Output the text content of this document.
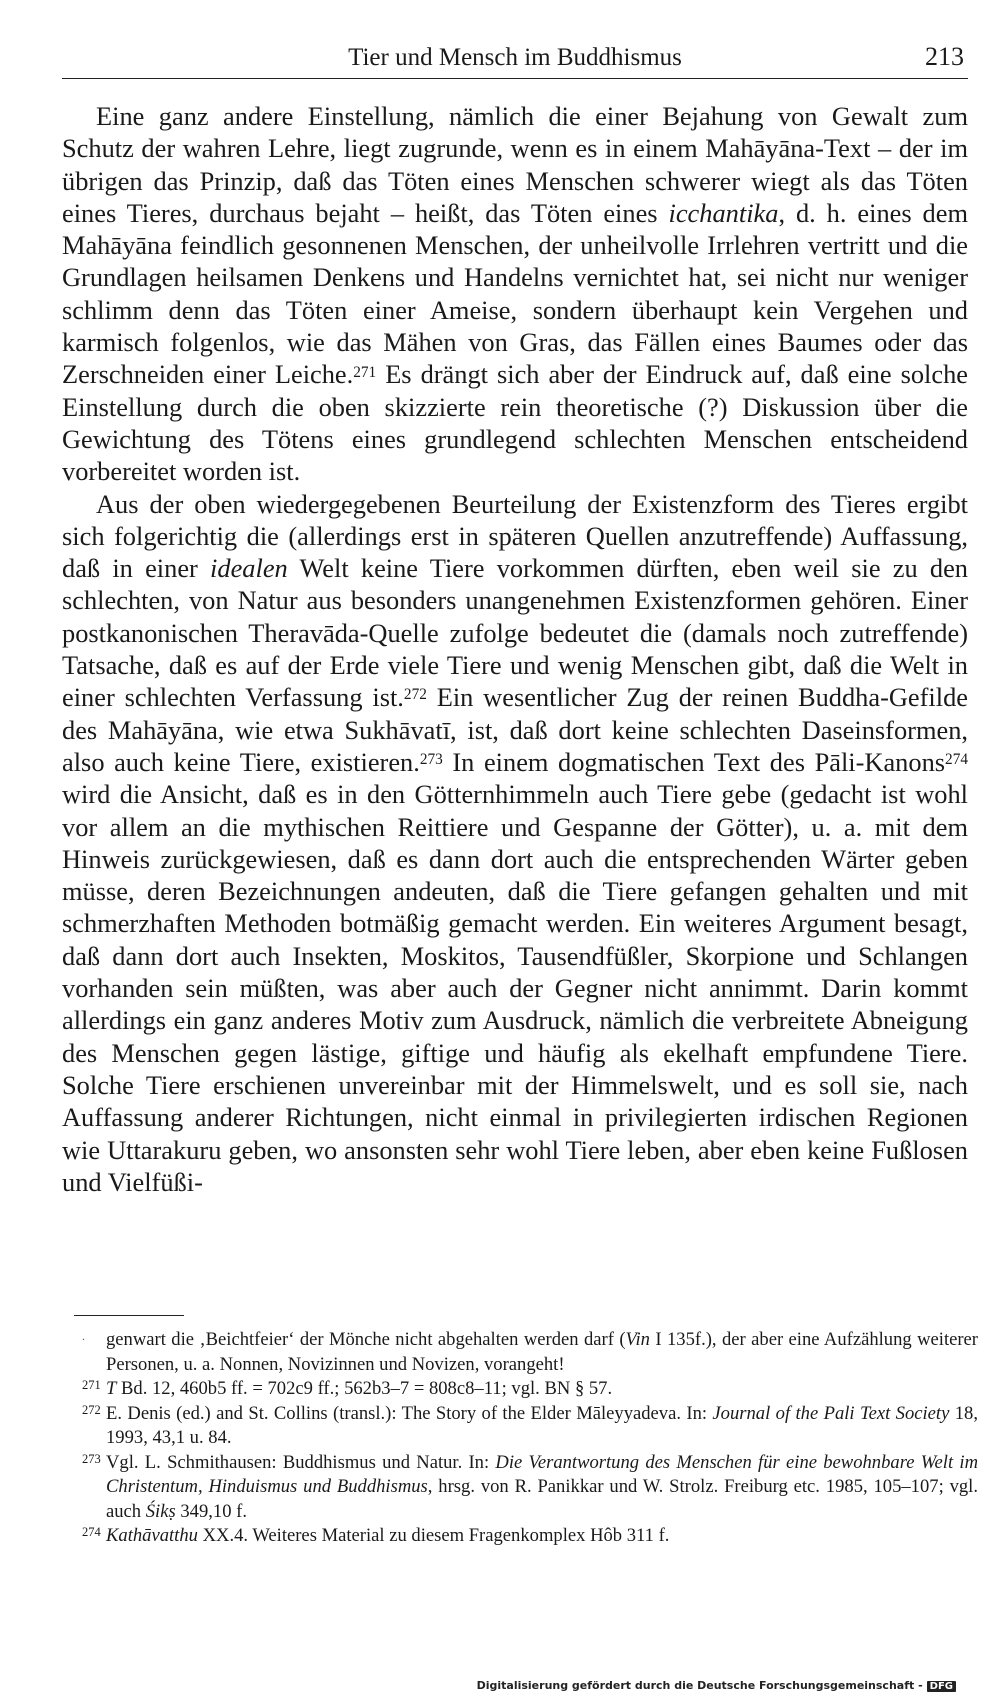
Tier und Mensch im Buddhismus	213

Eine ganz andere Einstellung, nämlich die einer Bejahung von Gewalt zum Schutz der wahren Lehre, liegt zugrunde, wenn es in einem Mahāyāna-Text – der im übrigen das Prinzip, daß das Töten eines Menschen schwerer wiegt als das Töten eines Tieres, durchaus bejaht – heißt, das Töten eines icchantika, d. h. eines dem Mahāyāna feindlich gesonnenen Menschen, der unheilvolle Irrlehren vertritt und die Grundlagen heilsamen Denkens und Handelns vernichtet hat, sei nicht nur weniger schlimm denn das Töten einer Ameise, sondern überhaupt kein Vergehen und karmisch folgenlos, wie das Mähen von Gras, das Fällen eines Baumes oder das Zerschneiden einer Leiche.$^{271}$ Es drängt sich aber der Eindruck auf, daß eine solche Einstellung durch die oben skizzierte rein theoretische (?) Diskussion über die Gewichtung des Tötens eines grundlegend schlechten Menschen entscheidend vorbereitet worden ist.

Aus der oben wiedergegebenen Beurteilung der Existenzform des Tieres ergibt sich folgerichtig die (allerdings erst in späteren Quellen anzutreffende) Auffassung, daß in einer idealen Welt keine Tiere vorkommen dürften, eben weil sie zu den schlechten, von Natur aus besonders unangenehmen Existenzformen gehören. Einer postkanonischen Theravāda-Quelle zufolge bedeutet die (damals noch zutreffende) Tatsache, daß es auf der Erde viele Tiere und wenig Menschen gibt, daß die Welt in einer schlechten Verfassung ist.$^{272}$ Ein wesentlicher Zug der reinen Buddha-Gefilde des Mahāyāna, wie etwa Sukhāvatī, ist, daß dort keine schlechten Daseinsformen, also auch keine Tiere, existieren.$^{273}$ In einem dogmatischen Text des Pāli-Kanons$^{274}$ wird die Ansicht, daß es in den Götternhimmeln auch Tiere gebe (gedacht ist wohl vor allem an die mythischen Reittiere und Gespanne der Götter), u. a. mit dem Hinweis zurückgewiesen, daß es dann dort auch die entsprechenden Wärter geben müsse, deren Bezeichnungen andeuten, daß die Tiere gefangen gehalten und mit schmerzhaften Methoden botmäßig gemacht werden. Ein weiteres Argument besagt, daß dann dort auch Insekten, Moskitos, Tausendfüßler, Skorpione und Schlangen vorhanden sein müßten, was aber auch der Gegner nicht annimmt. Darin kommt allerdings ein ganz anderes Motiv zum Ausdruck, nämlich die verbreitete Abneigung des Menschen gegen lästige, giftige und häufig als ekelhaft empfundene Tiere. Solche Tiere erschienen unvereinbar mit der Himmelswelt, und es soll sie, nach Auffassung anderer Richtungen, nicht einmal in privilegierten irdischen Regionen wie Uttarakuru geben, wo ansonsten sehr wohl Tiere leben, aber eben keine Fußlosen und Vielfüßi-

. genwart die ‚Beichtfeier‘ der Mönche nicht abgehalten werden darf (Vin I 135f.), der aber eine Aufzählung weiterer Personen, u. a. Nonnen, Novizinnen und Novizen, vorangeht!
271 T Bd. 12, 460b5 ff. = 702c9 ff.; 562b3–7 = 808c8–11; vgl. BN § 57.
272 E. Denis (ed.) and St. Collins (transl.): The Story of the Elder Māleyyadeva. In: Journal of the Pali Text Society 18, 1993, 43,1 u. 84.
273 Vgl. L. Schmithausen: Buddhismus und Natur. In: Die Verantwortung des Menschen für eine bewohnbare Welt im Christentum, Hinduismus und Buddhismus, hrsg. von R. Panikkar und W. Strolz. Freiburg etc. 1985, 105–107; vgl. auch Śikṣ 349,10 f.
274 Kathāvatthu XX.4. Weiteres Material zu diesem Fragenkomplex Hôb 311 f.
Digitalisierung gefördert durch die Deutsche Forschungsgemeinschaft - DFG
